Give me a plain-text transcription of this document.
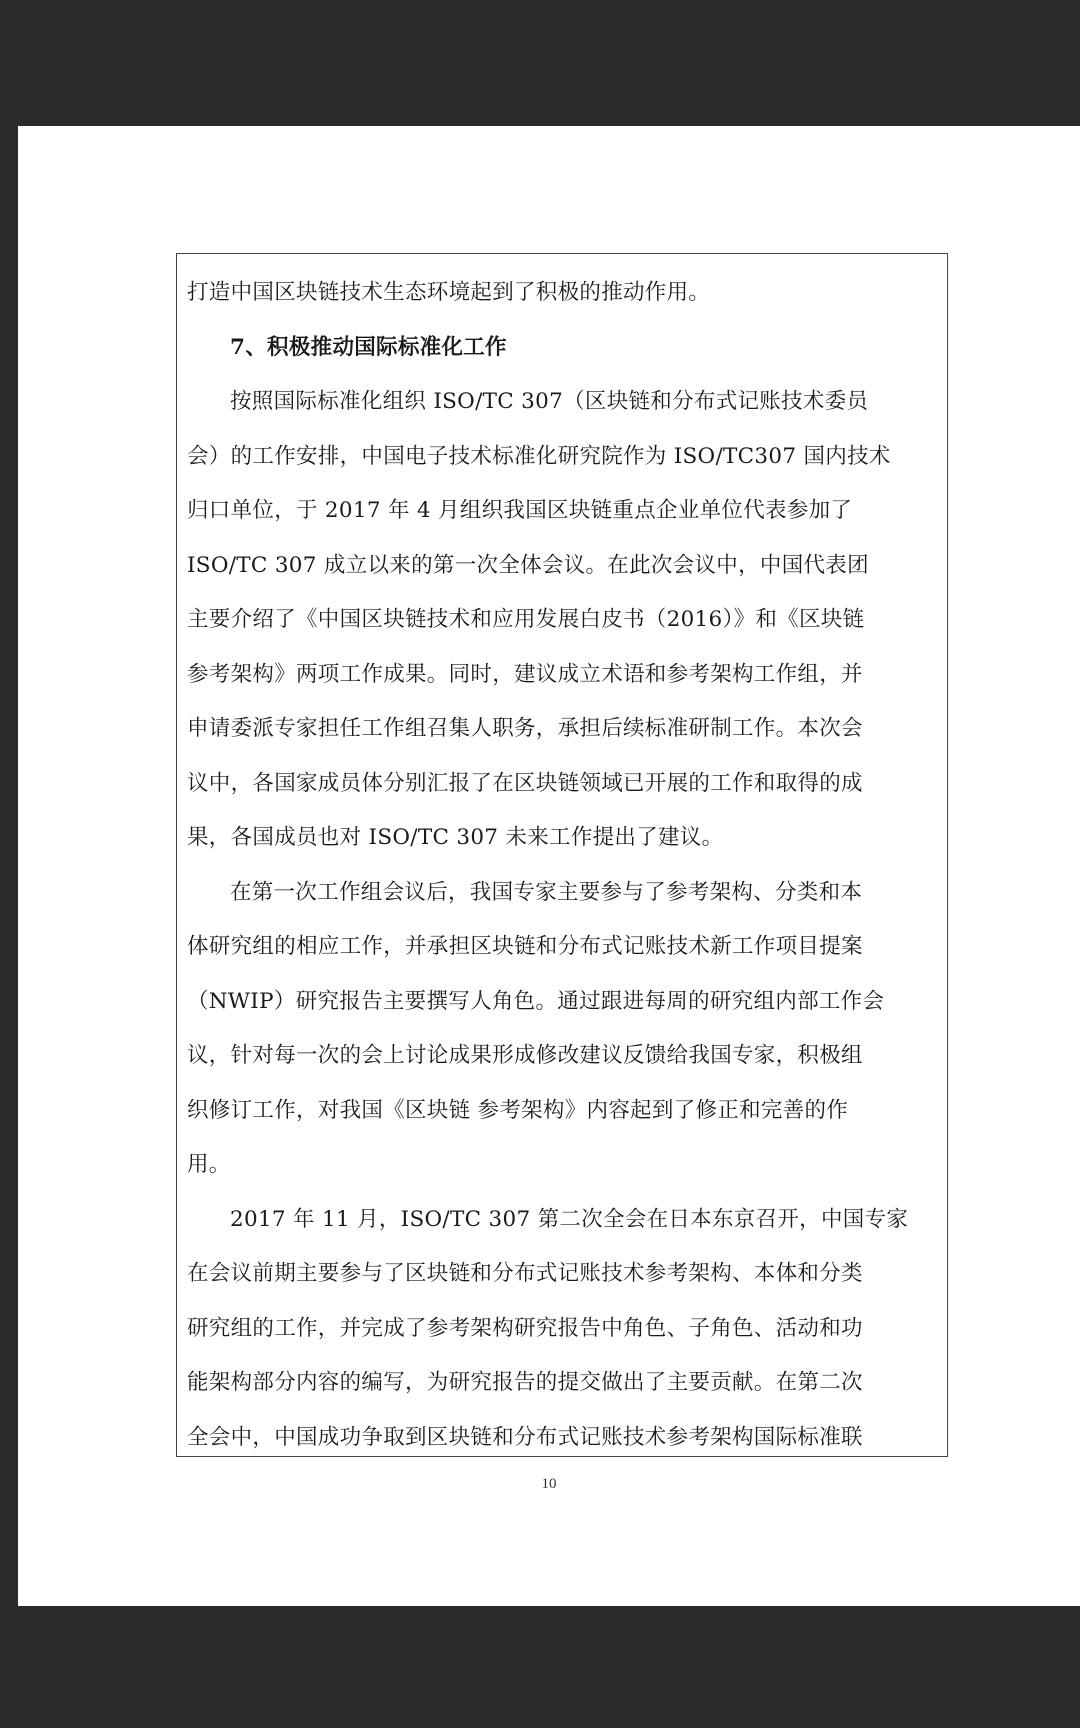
打造中国区块链技术生态环境起到了积极的推动作用。
7、积极推动国际标准化工作
按照国际标准化组织 ISO/TC 307（区块链和分布式记账技术委员
会）的工作安排，中国电子技术标准化研究院作为 ISO/TC307 国内技术
归口单位，于 2017 年 4 月组织我国区块链重点企业单位代表参加了
ISO/TC 307 成立以来的第一次全体会议。在此次会议中，中国代表团
主要介绍了《中国区块链技术和应用发展白皮书（2016）》和《区块链
参考架构》两项工作成果。同时，建议成立术语和参考架构工作组，并
申请委派专家担任工作组召集人职务，承担后续标准研制工作。本次会
议中，各国家成员体分别汇报了在区块链领域已开展的工作和取得的成
果，各国成员也对 ISO/TC 307 未来工作提出了建议。
在第一次工作组会议后，我国专家主要参与了参考架构、分类和本
体研究组的相应工作，并承担区块链和分布式记账技术新工作项目提案
（NWIP）研究报告主要撰写人角色。通过跟进每周的研究组内部工作会
议，针对每一次的会上讨论成果形成修改建议反馈给我国专家，积极组
织修订工作，对我国《区块链 参考架构》内容起到了修正和完善的作
用。
2017 年 11 月，ISO/TC 307 第二次全会在日本东京召开，中国专家
在会议前期主要参与了区块链和分布式记账技术参考架构、本体和分类
研究组的工作，并完成了参考架构研究报告中角色、子角色、活动和功
能架构部分内容的编写，为研究报告的提交做出了主要贡献。在第二次
全会中，中国成功争取到区块链和分布式记账技术参考架构国际标准联
10
